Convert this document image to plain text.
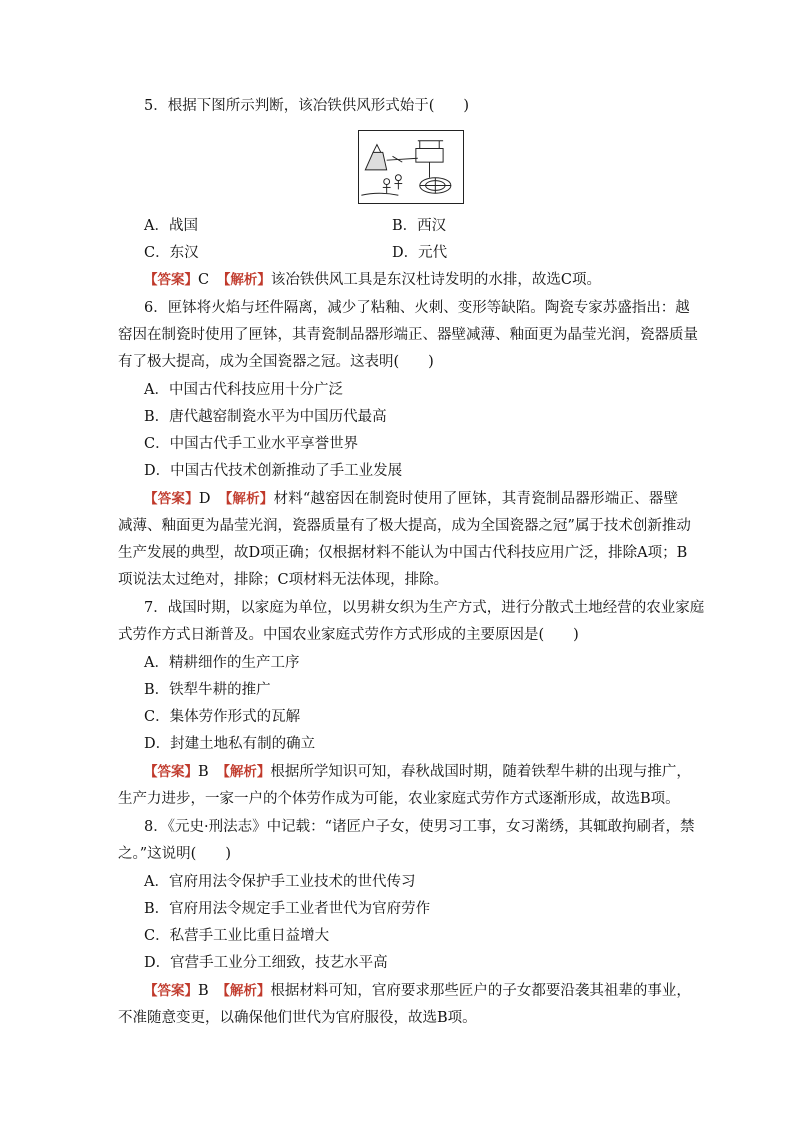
5．根据下图所示判断，该冶铁供风形式始于(　　)
A．战国	B．西汉
C．东汉	D．元代
【答案】C　 【解析】该冶铁供风工具是东汉杜诗发明的水排，故选C项。
6．匣钵将火焰与坯件隔离，减少了粘釉、火刺、变形等缺陷。陶瓷专家苏盛指出：越
窑因在制瓷时使用了匣钵，其青瓷制品器形端正、器壁减薄、釉面更为晶莹光润，瓷器质量
有了极大提高，成为全国瓷器之冠。这表明(　　)
A．中国古代科技应用十分广泛
B．唐代越窑制瓷水平为中国历代最高
C．中国古代手工业水平享誉世界
D．中国古代技术创新推动了手工业发展
【答案】D　 【解析】材料“越窑因在制瓷时使用了匣钵，其青瓷制品器形端正、器壁
减薄、釉面更为晶莹光润，瓷器质量有了极大提高，成为全国瓷器之冠”属于技术创新推动
生产发展的典型，故D项正确；仅根据材料不能认为中国古代科技应用广泛，排除A项；B
项说法太过绝对，排除；C项材料无法体现，排除。
7．战国时期，以家庭为单位，以男耕女织为生产方式，进行分散式土地经营的农业家庭
式劳作方式日渐普及。中国农业家庭式劳作方式形成的主要原因是(　　)
A．精耕细作的生产工序
B．铁犁牛耕的推广
C．集体劳作形式的瓦解
D．封建土地私有制的确立
【答案】B　 【解析】根据所学知识可知，春秋战国时期，随着铁犁牛耕的出现与推广，
生产力进步，一家一户的个体劳作成为可能，农业家庭式劳作方式逐渐形成，故选B项。
8．《元史·刑法志》中记载：“诸匠户子女，使男习工事，女习黹绣，其辄敢拘刷者，禁
之。”这说明(　　)
A．官府用法令保护手工业技术的世代传习
B．官府用法令规定手工业者世代为官府劳作
C．私营手工业比重日益增大
D．官营手工业分工细致，技艺水平高
【答案】B　 【解析】根据材料可知，官府要求那些匠户的子女都要沿袭其祖辈的事业，
不准随意变更，以确保他们世代为官府服役，故选B项。
